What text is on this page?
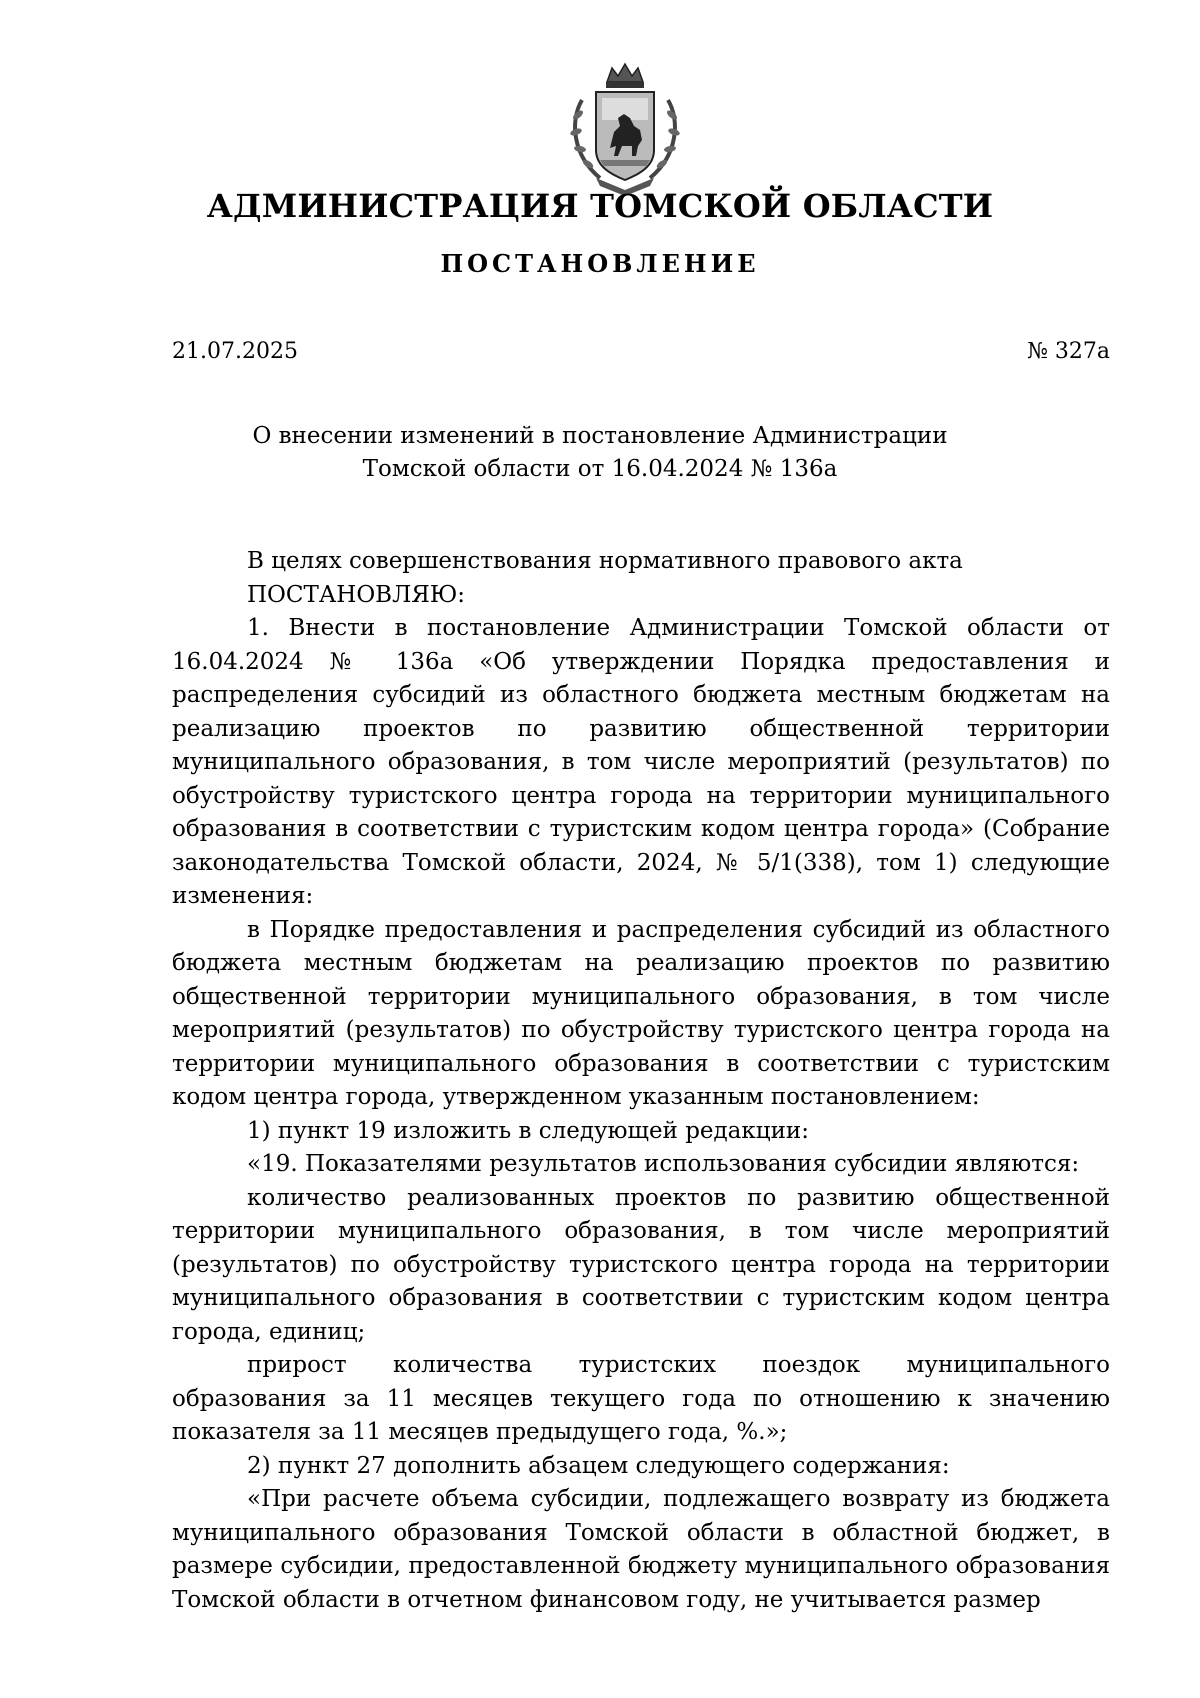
АДМИНИСТРАЦИЯ ТОМСКОЙ ОБЛАСТИ
ПОСТАНОВЛЕНИЕ
21.07.2025	№ 327а
О внесении изменений в постановление Администрации
Томской области от 16.04.2024 № 136а

В целях совершенствования нормативного правового акта

ПОСТАНОВЛЯЮ:

1. Внести в постановление Администрации Томской области от 16.04.2024 № 136а «Об утверждении Порядка предоставления и распределения субсидий из областного бюджета местным бюджетам на реализацию проектов по развитию общественной территории муниципального образования, в том числе мероприятий (результатов) по обустройству туристского центра города на территории муниципального образования в соответствии с туристским кодом центра города» (Собрание законодательства Томской области, 2024, № 5/1(338), том 1) следующие изменения:

в Порядке предоставления и распределения субсидий из областного бюджета местным бюджетам на реализацию проектов по развитию общественной территории муниципального образования, в том числе мероприятий (результатов) по обустройству туристского центра города на территории муниципального образования в соответствии с туристским кодом центра города, утвержденном указанным постановлением:

1) пункт 19 изложить в следующей редакции:

«19. Показателями результатов использования субсидии являются:

количество реализованных проектов по развитию общественной территории муниципального образования, в том числе мероприятий (результатов) по обустройству туристского центра города на территории муниципального образования в соответствии с туристским кодом центра города, единиц;

прирост количества туристских поездок муниципального образования за 11 месяцев текущего года по отношению к значению показателя за 11 месяцев предыдущего года, %.»;

2) пункт 27 дополнить абзацем следующего содержания:

«При расчете объема субсидии, подлежащего возврату из бюджета муниципального образования Томской области в областной бюджет, в размере субсидии, предоставленной бюджету муниципального образования Томской области в отчетном финансовом году, не учитывается размер
